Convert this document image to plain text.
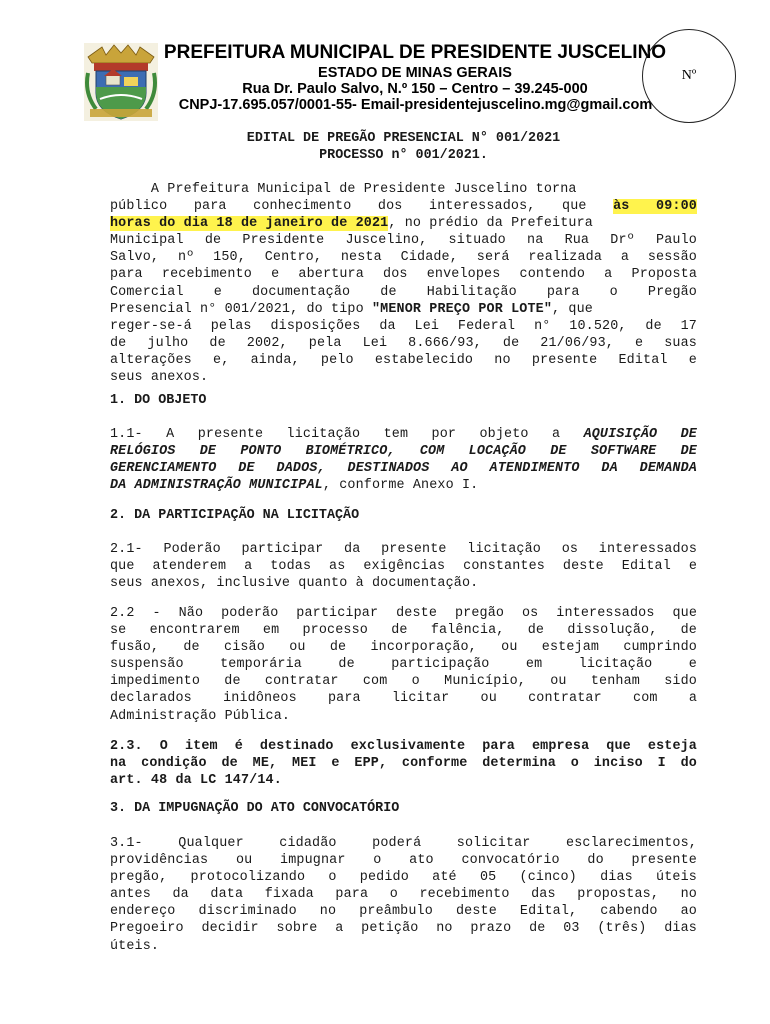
PREFEITURA MUNICIPAL DE PRESIDENTE JUSCELINO
ESTADO DE MINAS GERAIS
Rua Dr. Paulo Salvo, N.º 150 – Centro – 39.245-000
CNPJ-17.695.057/0001-55- Email-presidentejuscelino.mg@gmail.com
Nº
EDITAL DE PREGÃO PRESENCIAL N° 001/2021
PROCESSO n° 001/2021.
A Prefeitura Municipal de Presidente Juscelino torna
público para conhecimento dos interessados, que às 09:00
horas do dia 18 de janeiro de 2021, no prédio da Prefeitura
Municipal de Presidente Juscelino, situado na Rua Drº Paulo
Salvo, nº 150, Centro, nesta Cidade, será realizada a sessão
para recebimento e abertura dos envelopes contendo a Proposta
Comercial e documentação de Habilitação para o Pregão
Presencial n° 001/2021, do tipo "MENOR PREÇO POR LOTE", que
reger-se-á pelas disposições da Lei Federal n° 10.520, de 17
de julho de 2002, pela Lei 8.666/93, de 21/06/93, e suas
alterações e, ainda, pelo estabelecido no presente Edital e
seus anexos.
1. DO OBJETO
1.1- A presente licitação tem por objeto a AQUISIÇÃO DE
RELÓGIOS DE PONTO BIOMÉTRICO, COM LOCAÇÃO DE SOFTWARE DE
GERENCIAMENTO DE DADOS, DESTINADOS AO ATENDIMENTO DA DEMANDA
DA ADMINISTRAÇÃO MUNICIPAL, conforme Anexo I.
2. DA PARTICIPAÇÃO NA LICITAÇÃO
2.1- Poderão participar da presente licitação os interessados
que atenderem a todas as exigências constantes deste Edital e
seus anexos, inclusive quanto à documentação.
2.2 - Não poderão participar deste pregão os interessados que
se encontrarem em processo de falência, de dissolução, de
fusão, de cisão ou de incorporação, ou estejam cumprindo
suspensão temporária de participação em licitação e
impedimento de contratar com o Município, ou tenham sido
declarados inidôneos para licitar ou contratar com a
Administração Pública.
2.3. O item é destinado exclusivamente para empresa que esteja
na condição de ME, MEI e EPP, conforme determina o inciso I do
art. 48 da LC 147/14.
3. DA IMPUGNAÇÃO DO ATO CONVOCATÓRIO
3.1- Qualquer cidadão poderá solicitar esclarecimentos,
providências ou impugnar o ato convocatório do presente
pregão, protocolizando o pedido até 05 (cinco) dias úteis
antes da data fixada para o recebimento das propostas, no
endereço discriminado no preâmbulo deste Edital, cabendo ao
Pregoeiro decidir sobre a petição no prazo de 03 (três) dias
úteis.
